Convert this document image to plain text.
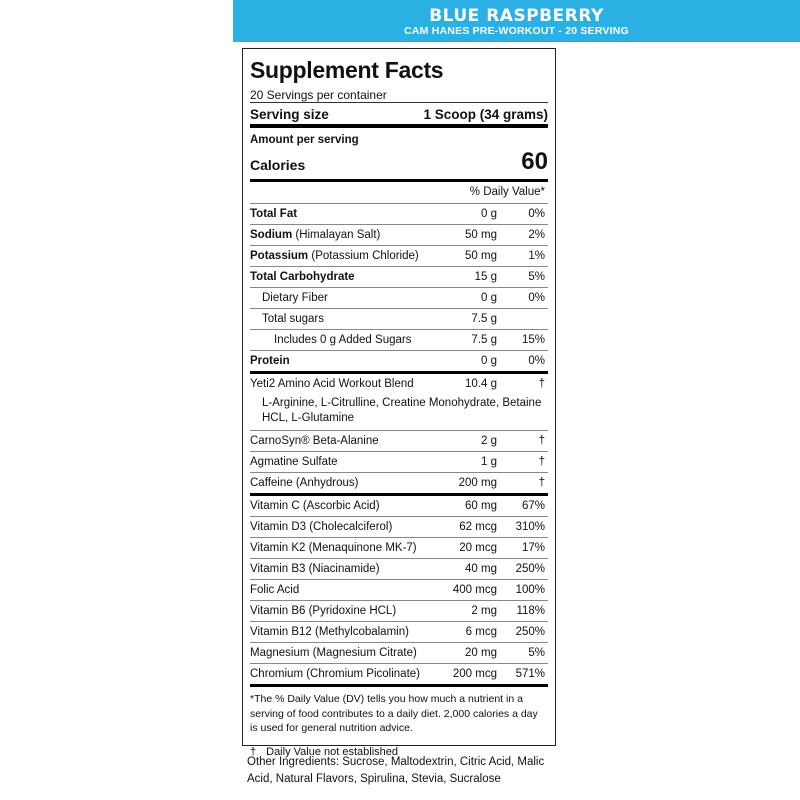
BLUE RASPBERRY
CAM HANES PRE-WORKOUT - 20 SERVING
Supplement Facts
20 Servings per container
Serving size	1 Scoop (34 grams)
Amount per serving
Calories	60
% Daily Value*
Total Fat	0 g	0%
Sodium (Himalayan Salt)	50 mg	2%
Potassium (Potassium Chloride)	50 mg	1%
Total Carbohydrate	15 g	5%
Dietary Fiber	0 g	0%
Total sugars	7.5 g
Includes 0 g Added Sugars	7.5 g	15%
Protein	0 g	0%
Yeti2 Amino Acid Workout Blend	10.4 g	†
L-Arginine, L-Citrulline, Creatine Monohydrate, Betaine HCL, L-Glutamine
CarnoSyn® Beta-Alanine	2 g	†
Agmatine Sulfate	1 g	†
Caffeine (Anhydrous)	200 mg	†
Vitamin C (Ascorbic Acid)	60 mg	67%
Vitamin D3 (Cholecalciferol)	62 mcg	310%
Vitamin K2 (Menaquinone MK-7)	20 mcg	17%
Vitamin B3 (Niacinamide)	40 mg	250%
Folic Acid	400 mcg	100%
Vitamin B6 (Pyridoxine HCL)	2 mg	118%
Vitamin B12 (Methylcobalamin)	6 mcg	250%
Magnesium (Magnesium Citrate)	20 mg	5%
Chromium (Chromium Picolinate)	200 mcg	571%
*The % Daily Value (DV) tells you how much a nutrient in a serving of food contributes to a daily diet. 2,000 calories a day is used for general nutrition advice.
† Daily Value not established
Other Ingredients: Sucrose, Maltodextrin, Citric Acid, Malic Acid, Natural Flavors, Spirulina, Stevia, Sucralose
